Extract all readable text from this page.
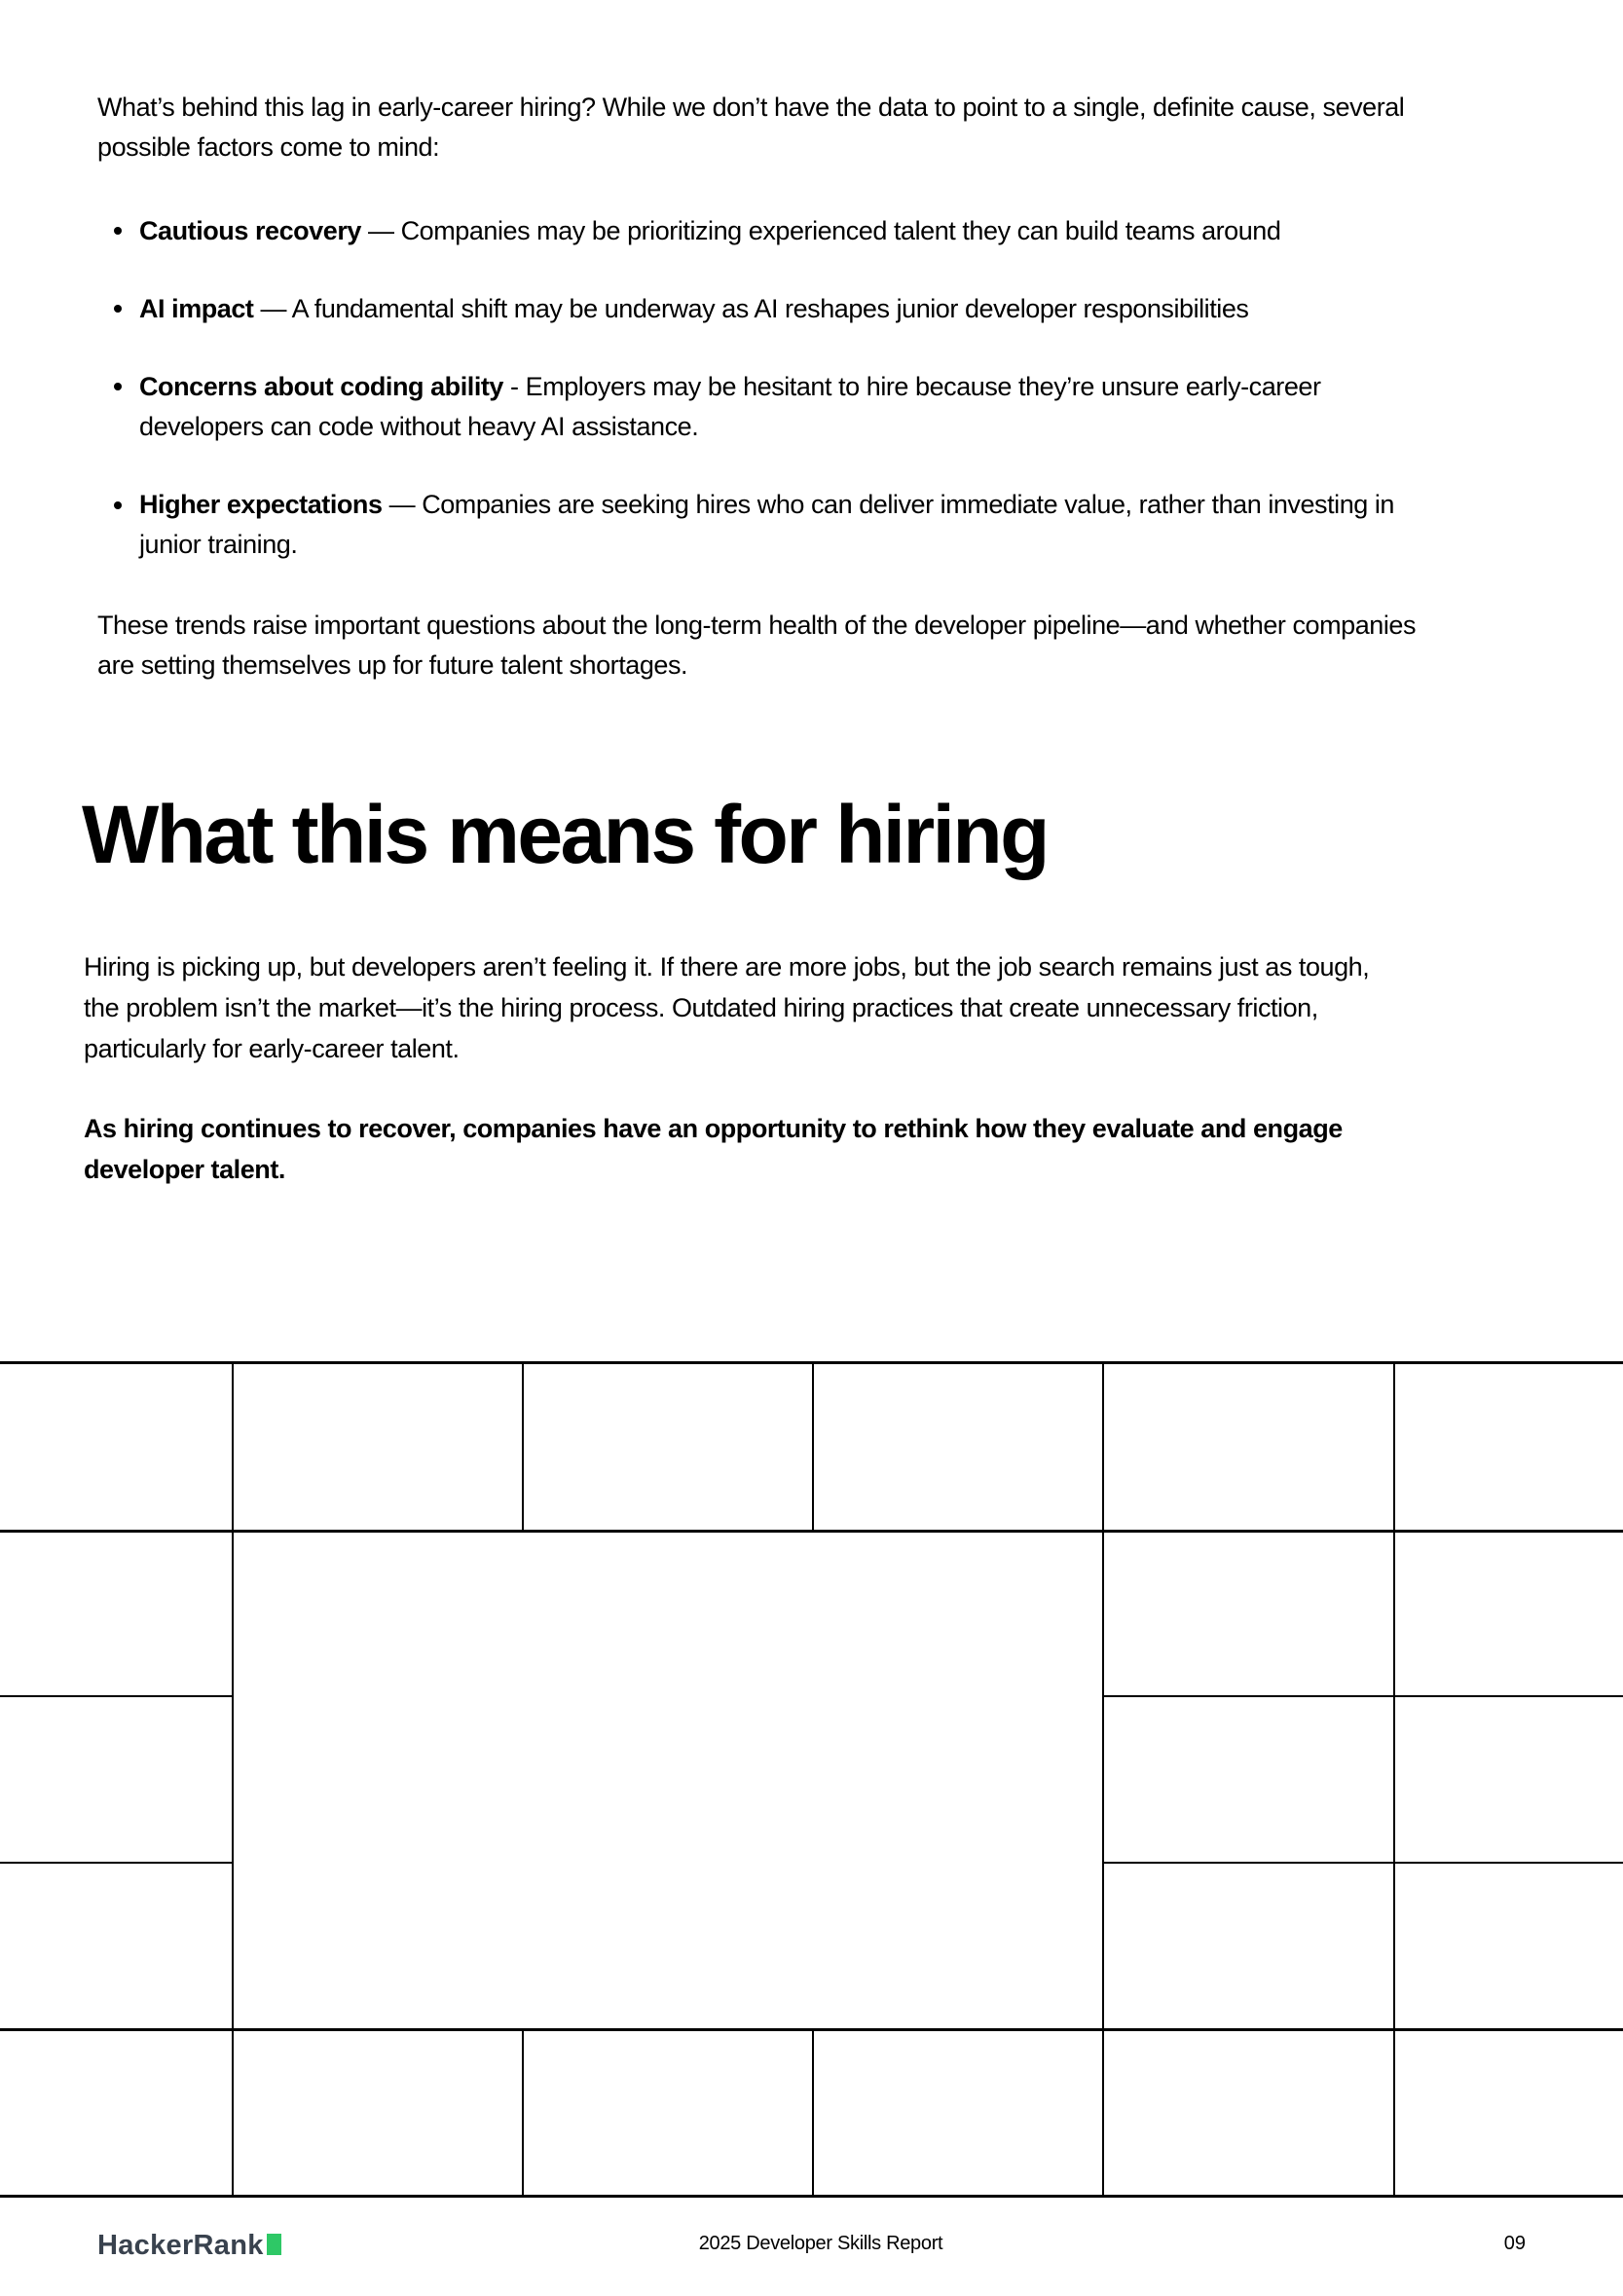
What’s behind this lag in early-career hiring? While we don’t have the data to point to a single, definite cause, several
possible factors come to mind:
Cautious recovery — Companies may be prioritizing experienced talent they can build teams around
AI impact — A fundamental shift may be underway as AI reshapes junior developer responsibilities
Concerns about coding ability - Employers may be hesitant to hire because they’re unsure early-career
developers can code without heavy AI assistance.
Higher expectations — Companies are seeking hires who can deliver immediate value, rather than investing in
junior training.
These trends raise important questions about the long-term health of the developer pipeline—and whether companies
are setting themselves up for future talent shortages.
What this means for hiring
Hiring is picking up, but developers aren’t feeling it. If there are more jobs, but the job search remains just as tough,
the problem isn’t the market—it’s the hiring process. Outdated hiring practices that create unnecessary friction,
particularly for early-career talent.
As hiring continues to recover, companies have an opportunity to rethink how they evaluate and engage
developer talent.
HackerRank	2025 Developer Skills Report	09
